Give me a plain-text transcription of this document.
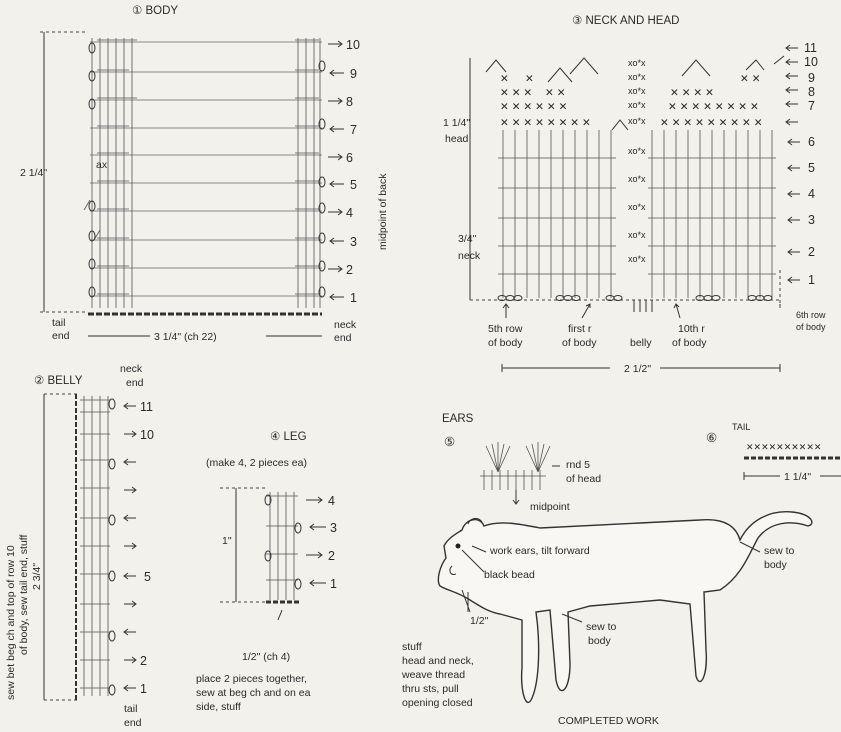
① BODY
2 1/4"
ax
10
9
8
7
6
5
4
3
2
1
midpoint of back
tail
end	3 1/4" (ch 22)
neck
end
③ NECK AND HEAD
1 1/4"
head
3/4"
neck
✕ ✕
✕ ✕ ✕ ✕ ✕
✕ ✕ ✕ ✕ ✕ ✕
✕ ✕ ✕ ✕ ✕ ✕ ✕ ✕
xo*x
xo*x
xo*x
xo*x
xo*x
xo*x
xo*x
xo*x
xo*x
xo*x
✕ ✕ ✕ ✕
✕ ✕
✕ ✕ ✕ ✕ ✕ ✕ ✕ ✕
✕ ✕ ✕ ✕ ✕ ✕ ✕ ✕ ✕
11
10
9
8
7
6
5
4
3
2
1
5th row
of body
first r
of body	belly
10th r
of body
6th row
of body
2 1/2"
② BELLY
neck
end
2 3/4"
sew bet beg ch and top of row 10 of body, sew tail end, stuff
11
10
5
2
1
tail
end
④ LEG
(make 4, 2 pieces ea)
1"
4
3
2
1
1/2" (ch 4)
place 2 pieces together,
sew at beg ch and on ea
side, stuff
EARS
⑤
rnd 5
of head
midpoint
⑥
TAIL
✕✕✕✕✕✕✕✕✕✕
1 1/4"
work ears, tilt forward
black bead
1/2"
sew to
body
sew to
body
stuff
head and neck,
weave thread
thru sts, pull
opening closed
COMPLETED WORK
